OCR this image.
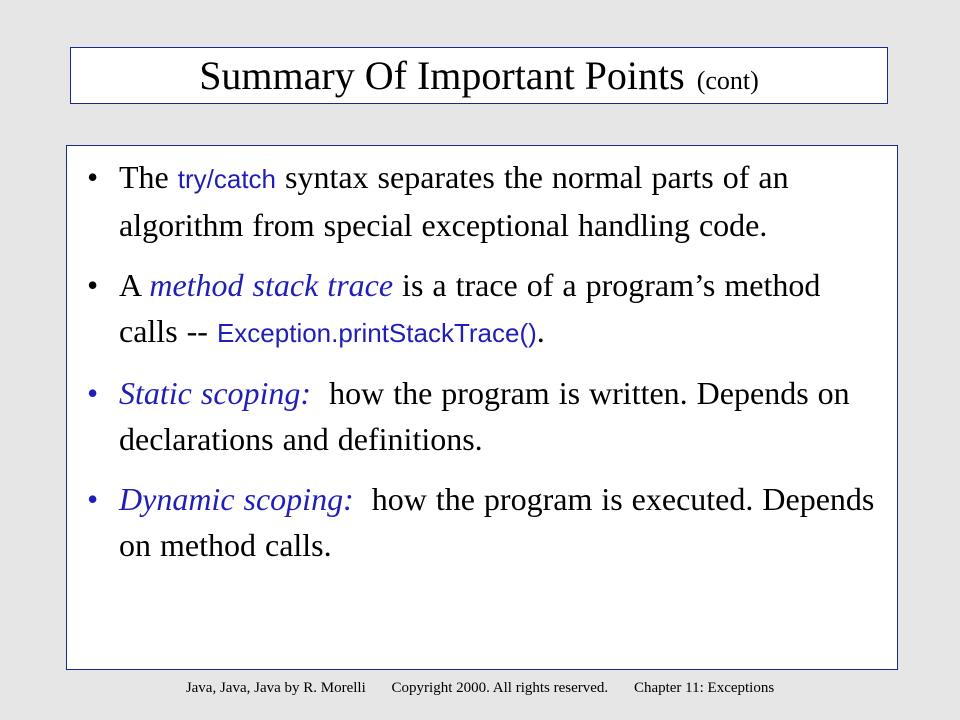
Summary Of Important Points (cont)
• The try/catch syntax separates the normal parts of an algorithm from special exceptional handling code.
• A method stack trace is a trace of a program’s method calls -- Exception.printStackTrace().
• Static scoping:  how the program is written. Depends on declarations and definitions.
• Dynamic scoping:  how the program is executed. Depends on method calls.
Java, Java, Java by R. Morelli Copyright 2000. All rights reserved. Chapter 11: Exceptions
